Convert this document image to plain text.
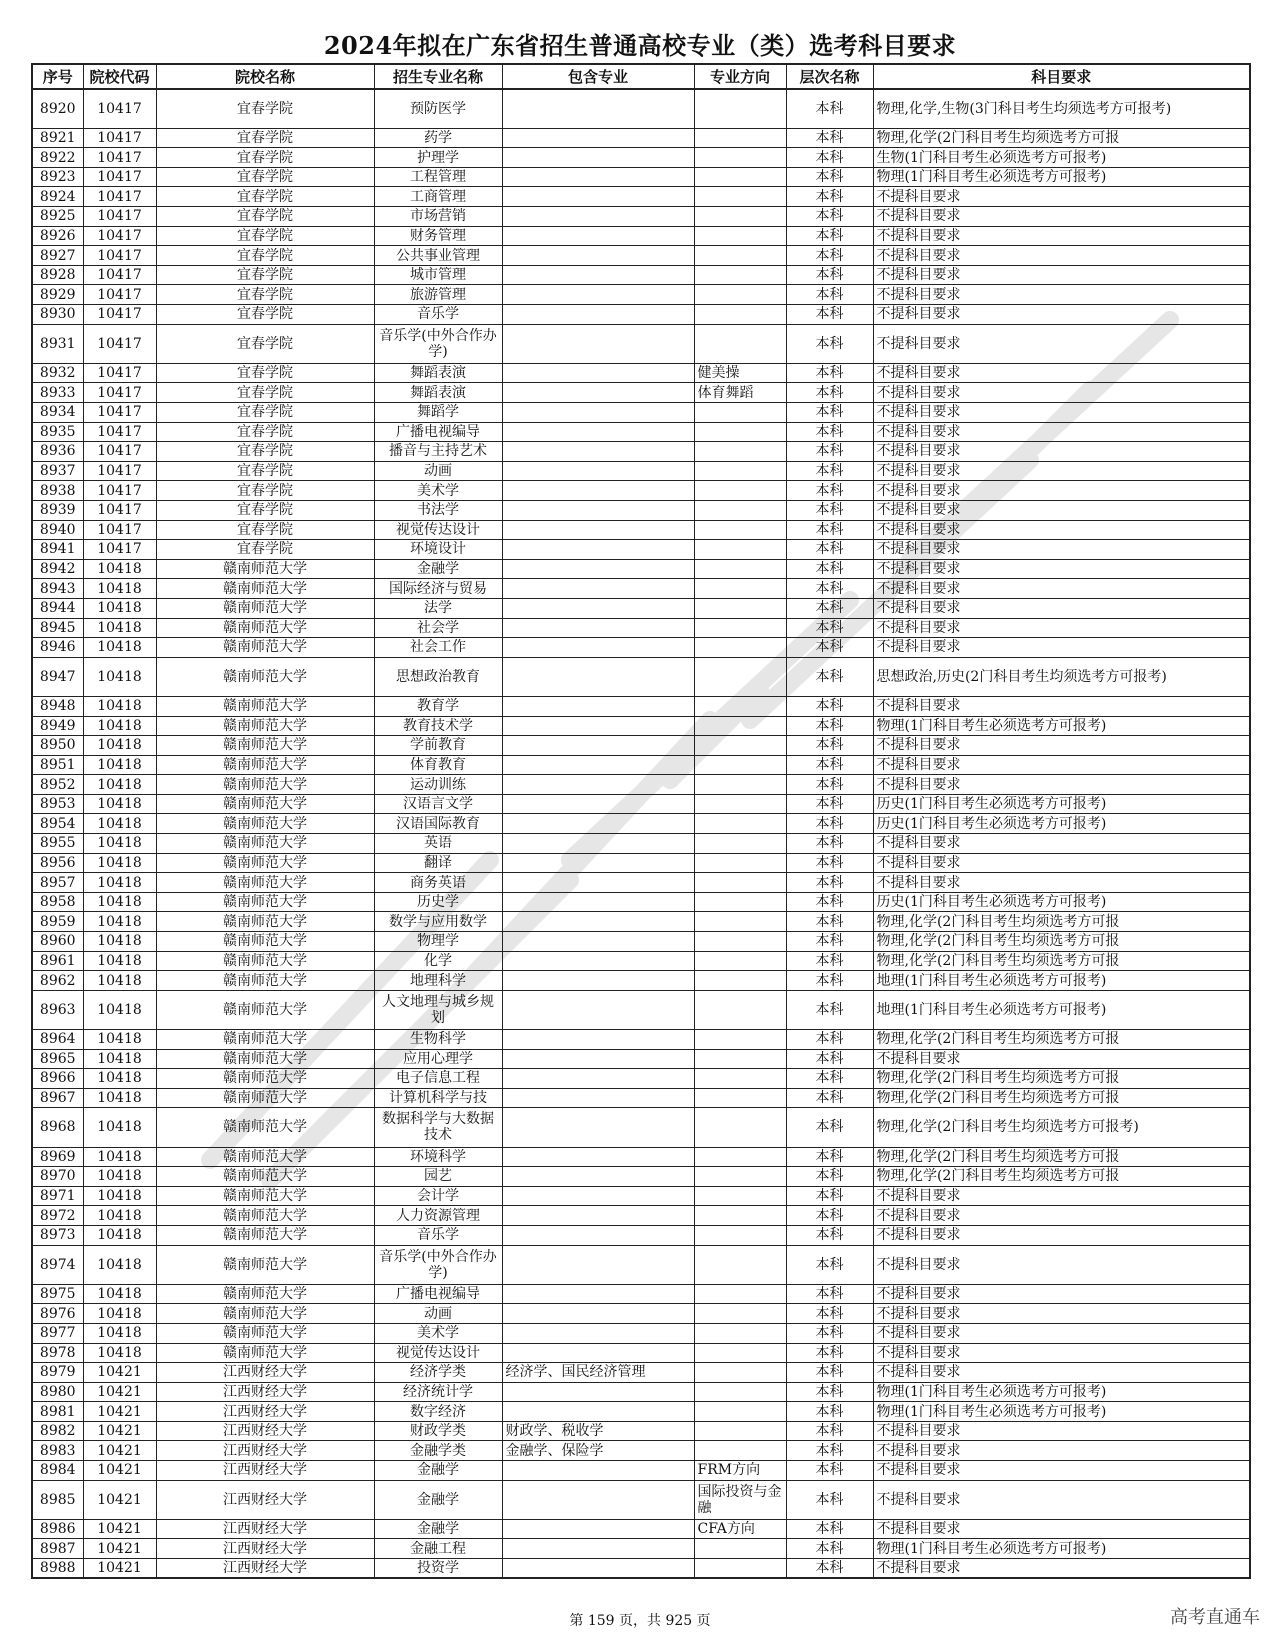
2024年拟在广东省招生普通高校专业（类）选考科目要求
序号	院校代码	院校名称	招生专业名称	包含专业	专业方向	层次名称	科目要求
8920	10417	宜春学院	预防医学			本科	物理,化学,生物(3门科目考生均须选考方可报考)
8921	10417	宜春学院	药学			本科	物理,化学(2门科目考生均须选考方可报
8922	10417	宜春学院	护理学			本科	生物(1门科目考生必须选考方可报考)
8923	10417	宜春学院	工程管理			本科	物理(1门科目考生必须选考方可报考)
8924	10417	宜春学院	工商管理			本科	不提科目要求
8925	10417	宜春学院	市场营销			本科	不提科目要求
8926	10417	宜春学院	财务管理			本科	不提科目要求
8927	10417	宜春学院	公共事业管理			本科	不提科目要求
8928	10417	宜春学院	城市管理			本科	不提科目要求
8929	10417	宜春学院	旅游管理			本科	不提科目要求
8930	10417	宜春学院	音乐学			本科	不提科目要求
8931	10417	宜春学院	音乐学(中外合作办学)			本科	不提科目要求
8932	10417	宜春学院	舞蹈表演		健美操	本科	不提科目要求
8933	10417	宜春学院	舞蹈表演		体育舞蹈	本科	不提科目要求
8934	10417	宜春学院	舞蹈学			本科	不提科目要求
8935	10417	宜春学院	广播电视编导			本科	不提科目要求
8936	10417	宜春学院	播音与主持艺术			本科	不提科目要求
8937	10417	宜春学院	动画			本科	不提科目要求
8938	10417	宜春学院	美术学			本科	不提科目要求
8939	10417	宜春学院	书法学			本科	不提科目要求
8940	10417	宜春学院	视觉传达设计			本科	不提科目要求
8941	10417	宜春学院	环境设计			本科	不提科目要求
8942	10418	赣南师范大学	金融学			本科	不提科目要求
8943	10418	赣南师范大学	国际经济与贸易			本科	不提科目要求
8944	10418	赣南师范大学	法学			本科	不提科目要求
8945	10418	赣南师范大学	社会学			本科	不提科目要求
8946	10418	赣南师范大学	社会工作			本科	不提科目要求
8947	10418	赣南师范大学	思想政治教育			本科	思想政治,历史(2门科目考生均须选考方可报考)
8948	10418	赣南师范大学	教育学			本科	不提科目要求
8949	10418	赣南师范大学	教育技术学			本科	物理(1门科目考生必须选考方可报考)
8950	10418	赣南师范大学	学前教育			本科	不提科目要求
8951	10418	赣南师范大学	体育教育			本科	不提科目要求
8952	10418	赣南师范大学	运动训练			本科	不提科目要求
8953	10418	赣南师范大学	汉语言文学			本科	历史(1门科目考生必须选考方可报考)
8954	10418	赣南师范大学	汉语国际教育			本科	历史(1门科目考生必须选考方可报考)
8955	10418	赣南师范大学	英语			本科	不提科目要求
8956	10418	赣南师范大学	翻译			本科	不提科目要求
8957	10418	赣南师范大学	商务英语			本科	不提科目要求
8958	10418	赣南师范大学	历史学			本科	历史(1门科目考生必须选考方可报考)
8959	10418	赣南师范大学	数学与应用数学			本科	物理,化学(2门科目考生均须选考方可报
8960	10418	赣南师范大学	物理学			本科	物理,化学(2门科目考生均须选考方可报
8961	10418	赣南师范大学	化学			本科	物理,化学(2门科目考生均须选考方可报
8962	10418	赣南师范大学	地理科学			本科	地理(1门科目考生必须选考方可报考)
8963	10418	赣南师范大学	人文地理与城乡规划			本科	地理(1门科目考生必须选考方可报考)
8964	10418	赣南师范大学	生物科学			本科	物理,化学(2门科目考生均须选考方可报
8965	10418	赣南师范大学	应用心理学			本科	不提科目要求
8966	10418	赣南师范大学	电子信息工程			本科	物理,化学(2门科目考生均须选考方可报
8967	10418	赣南师范大学	计算机科学与技			本科	物理,化学(2门科目考生均须选考方可报
8968	10418	赣南师范大学	数据科学与大数据技术			本科	物理,化学(2门科目考生均须选考方可报考)
8969	10418	赣南师范大学	环境科学			本科	物理,化学(2门科目考生均须选考方可报
8970	10418	赣南师范大学	园艺			本科	物理,化学(2门科目考生均须选考方可报
8971	10418	赣南师范大学	会计学			本科	不提科目要求
8972	10418	赣南师范大学	人力资源管理			本科	不提科目要求
8973	10418	赣南师范大学	音乐学			本科	不提科目要求
8974	10418	赣南师范大学	音乐学(中外合作办学)			本科	不提科目要求
8975	10418	赣南师范大学	广播电视编导			本科	不提科目要求
8976	10418	赣南师范大学	动画			本科	不提科目要求
8977	10418	赣南师范大学	美术学			本科	不提科目要求
8978	10418	赣南师范大学	视觉传达设计			本科	不提科目要求
8979	10421	江西财经大学	经济学类	经济学、国民经济管理		本科	不提科目要求
8980	10421	江西财经大学	经济统计学			本科	物理(1门科目考生必须选考方可报考)
8981	10421	江西财经大学	数字经济			本科	物理(1门科目考生必须选考方可报考)
8982	10421	江西财经大学	财政学类	财政学、税收学		本科	不提科目要求
8983	10421	江西财经大学	金融学类	金融学、保险学		本科	不提科目要求
8984	10421	江西财经大学	金融学		FRM方向	本科	不提科目要求
8985	10421	江西财经大学	金融学		国际投资与金融	本科	不提科目要求
8986	10421	江西财经大学	金融学		CFA方向	本科	不提科目要求
8987	10421	江西财经大学	金融工程			本科	物理(1门科目考生必须选考方可报考)
8988	10421	江西财经大学	投资学			本科	不提科目要求
第 159 页，共 925 页	高考直通车
